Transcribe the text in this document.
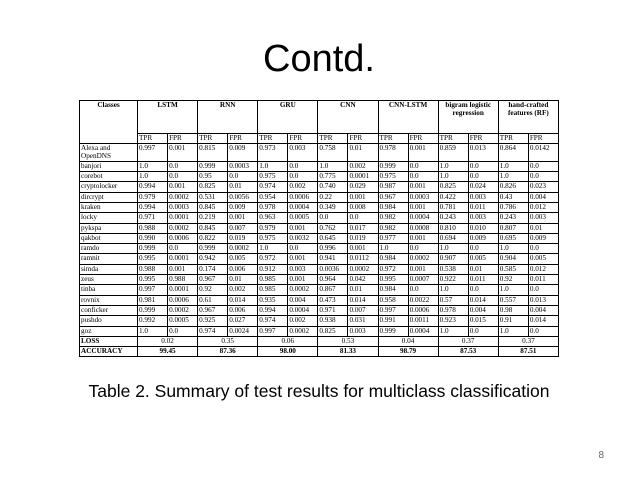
Contd.
Classes	LSTM		RNN		GRU		CNN		CNN-LSTM		bigram logistic regression		hand-crafted features (RF)	
	TPR	FPR	TPR	FPR	TPR	FPR	TPR	FPR	TPR	FPR	TPR	FPR	TPR	FPR
Alexa and OpenDNS	0.997	0.001	0.815	0.009	0.973	0.003	0.758	0.01	0.978	0.001	0.859	0.013	0.864	0.0142
banjori	1.0	0.0	0.999	0.0003	1.0	0.0	1.0	0.002	0.999	0.0	1.0	0.0	1.0	0.0
corebot	1.0	0.0	0.95	0.0	0.975	0.0	0.775	0.0001	0.975	0.0	1.0	0.0	1.0	0.0
cryptolocker	0.994	0.001	0.825	0.01	0.974	0.002	0.740	0.029	0.987	0.001	0.825	0.024	0.826	0.023
dircrypt	0.979	0.0002	0.531	0.0056	0.954	0.0006	0.22	0.001	0.967	0.0003	0.422	0.003	0.43	0.004
kraken	0.994	0.0003	0.845	0.009	0.978	0.0004	0.349	0.008	0.984	0.001	0.781	0.011	0.786	0.012
locky	0.971	0.0001	0.219	0.001	0.963	0.0005	0.0	0.0	0.982	0.0004	0.243	0.003	0.243	0.003
pykspa	0.988	0.0002	0.845	0.007	0.979	0.001	0.762	0.017	0.982	0.0008	0.810	0.010	0.807	0.01
qakbot	0.990	0.0006	0.822	0.019	0.975	0.0032	0.645	0.019	0.977	0.001	0.694	0.009	0.695	0.009
ramdo	0.999	0.0	0.999	0.0002	1.0	0.0	0.996	0.001	1.0	0.0	1.0	0.0	1.0	0.0
ramnit	0.995	0.0001	0.942	0.005	0.972	0.001	0.941	0.0112	0.984	0.0002	0.907	0.005	0.904	0.005
simda	0.988	0.001	0.174	0.006	0.912	0.003	0.0036	0.0002	0.972	0.001	0.538	0.01	0.585	0.012
zeus	0.995	0.988	0.967	0.01	0.985	0.001	0.964	0.042	0.995	0.0007	0.922	0.011	0.92	0.011
tinba	0.997	0.0001	0.92	0.002	0.985	0.0002	0.867	0.01	0.984	0.0	1.0	0.0	1.0	0.0
rovnix	0.981	0.0006	0.61	0.014	0.935	0.004	0.473	0.014	0.958	0.0022	0.57	0.014	0.557	0.013
conficker	0.999	0.0002	0.967	0.006	0.994	0.0004	0.971	0.007	0.997	0.0006	0.978	0.004	0.98	0.004
pushdo	0.992	0.0005	0.925	0.027	0.974	0.002	0.938	0.031	0.991	0.0011	0.923	0.015	0.91	0.014
goz	1.0	0.0	0.974	0.0024	0.997	0.0002	0.825	0.003	0.999	0.0004	1.0	0.0	1.0	0.0
LOSS	0.02		0.35		0.06		0.53		0.04		0.37		0.37	
ACCURACY	99.45		87.36		98.00		81.33		98.79		87.53		87.51	
Table 2. Summary of test results for multiclass classification
8
